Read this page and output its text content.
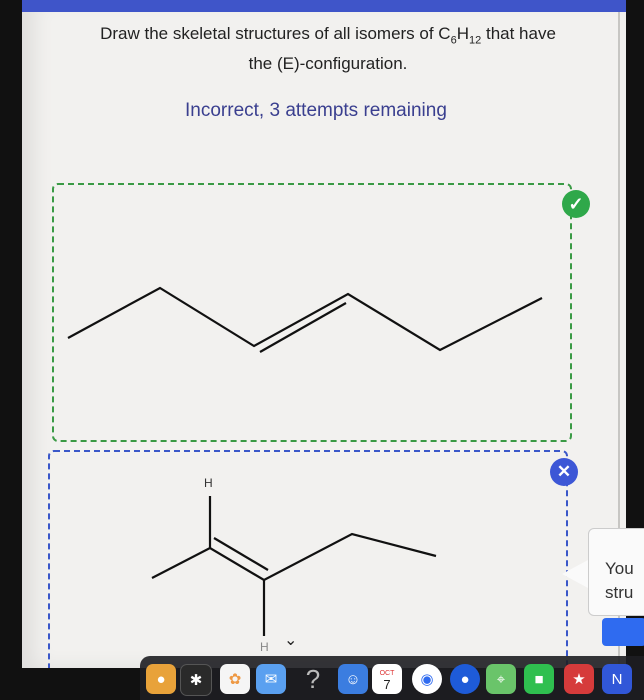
Draw the skeletal structures of all isomers of $C_6H_{12}$ that have
the (E)-configuration.
Incorrect, 3 attempts remaining
✓
✕
H
H ⌄
You
stru
●	✱	✿	✉	?	☺	OCT
7	◉	●	⌖	■	★	N
